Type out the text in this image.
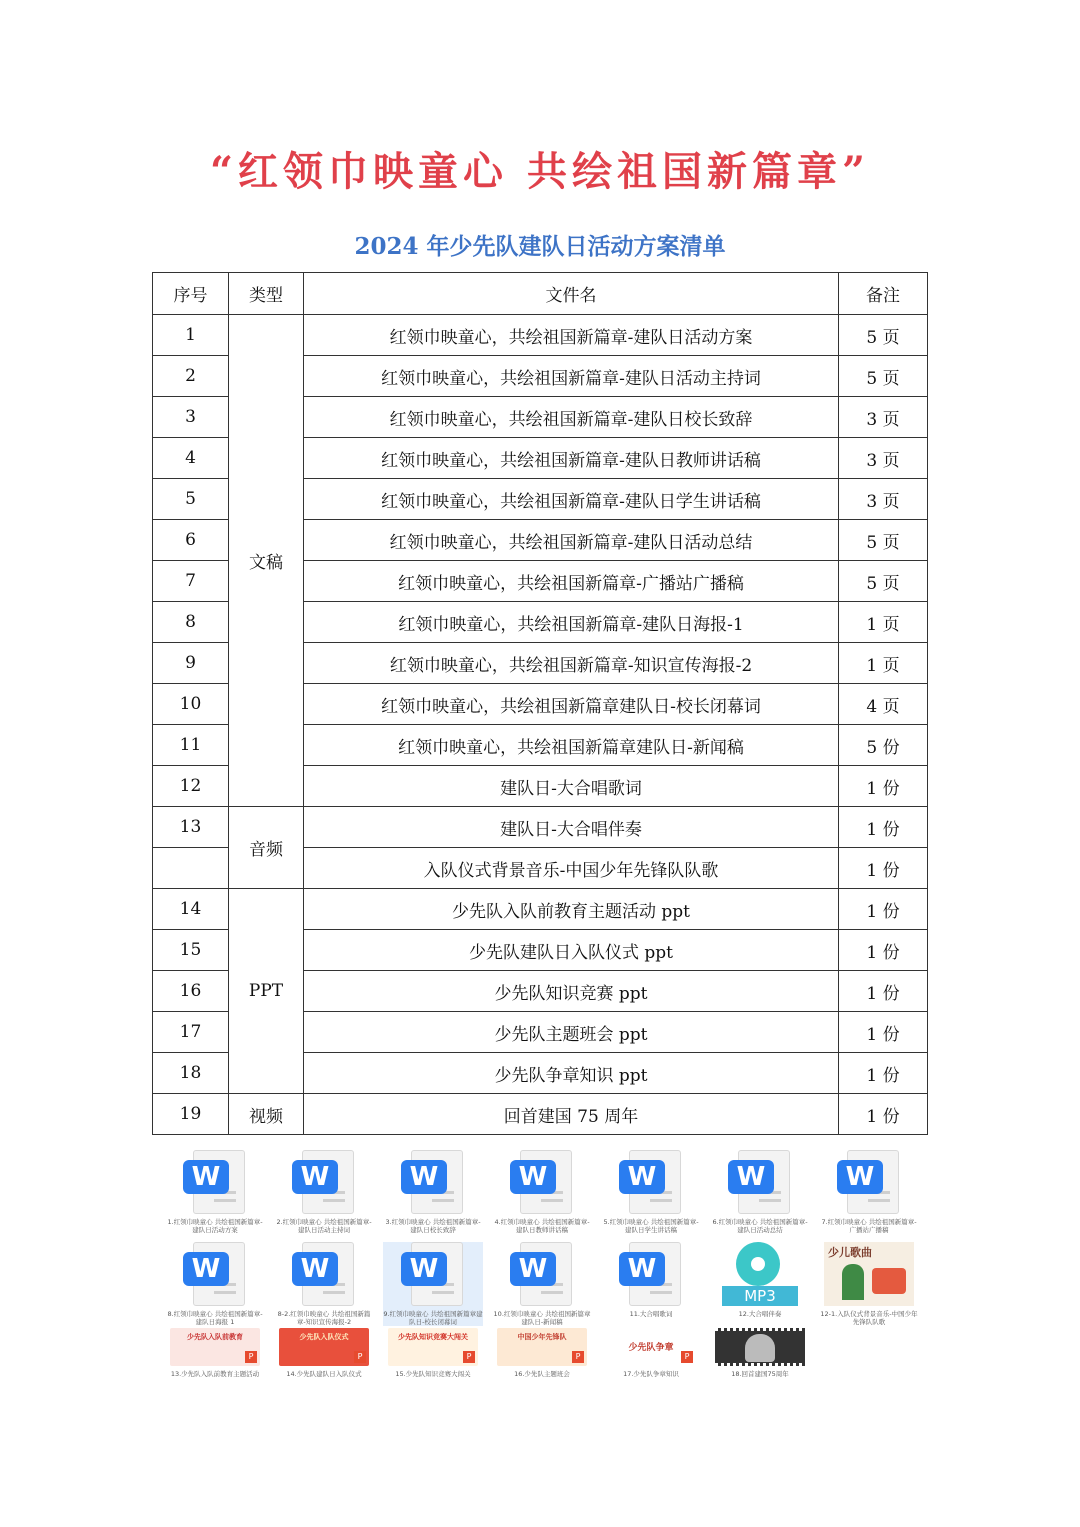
“红领巾映童心 共绘祖国新篇章”
2024 年少先队建队日活动方案清单
序号	类型	文件名	备注
1	文稿	红领巾映童心，共绘祖国新篇章-建队日活动方案	5 页
2		红领巾映童心，共绘祖国新篇章-建队日活动主持词	5 页
3		红领巾映童心，共绘祖国新篇章-建队日校长致辞	3 页
4		红领巾映童心，共绘祖国新篇章-建队日教师讲话稿	3 页
5		红领巾映童心，共绘祖国新篇章-建队日学生讲话稿	3 页
6		红领巾映童心，共绘祖国新篇章-建队日活动总结	5 页
7		红领巾映童心，共绘祖国新篇章-广播站广播稿	5 页
8		红领巾映童心，共绘祖国新篇章-建队日海报-1	1 页
9		红领巾映童心，共绘祖国新篇章-知识宣传海报-2	1 页
10		红领巾映童心，共绘祖国新篇章建队日-校长闭幕词	4 页
11		红领巾映童心，共绘祖国新篇章建队日-新闻稿	5 份
12		建队日-大合唱歌词	1 份
13	音频	建队日-大合唱伴奏	1 份
		入队仪式背景音乐-中国少年先锋队队歌	1 份
14	PPT	少先队入队前教育主题活动 ppt	1 份
15		少先队建队日入队仪式 ppt	1 份
16		少先队知识竞赛 ppt	1 份
17		少先队主题班会 ppt	1 份
18		少先队争章知识 ppt	1 份
19	视频	回首建国 75 周年	1 份
W
1.红领巾映童心 共绘祖国新篇章-建队日活动方案
W
2.红领巾映童心 共绘祖国新篇章-建队日活动主持词
W
3.红领巾映童心 共绘祖国新篇章-建队日校长致辞
W
4.红领巾映童心 共绘祖国新篇章-建队日教师讲话稿
W
5.红领巾映童心 共绘祖国新篇章-建队日学生讲话稿
W
6.红领巾映童心 共绘祖国新篇章-建队日活动总结
W
7.红领巾映童心 共绘祖国新篇章-广播站广播稿
W
8.红领巾映童心 共绘祖国新篇章-建队日海报 1
W
8-2.红领巾映童心 共绘祖国新篇章-知识宣传海报-2
W
9.红领巾映童心 共绘祖国新篇章建队日-校长闭幕词
W
10.红领巾映童心 共绘祖国新篇章建队日-新闻稿
W
11.大合唱歌词
MP3
12.大合唱伴奏
少儿歌曲
12-1.入队仪式背景音乐-中国少年先锋队队歌
少先队入队前教育
P
13.少先队入队前教育主题活动
少先队入队仪式
P
14.少先队建队日入队仪式
少先队知识竞赛大闯关
P
15.少先队知识竞赛大闯关
中国少年先锋队
P
16.少先队主题班会
少先队争章
P
17.少先队争章知识	18.回首建国75周年
